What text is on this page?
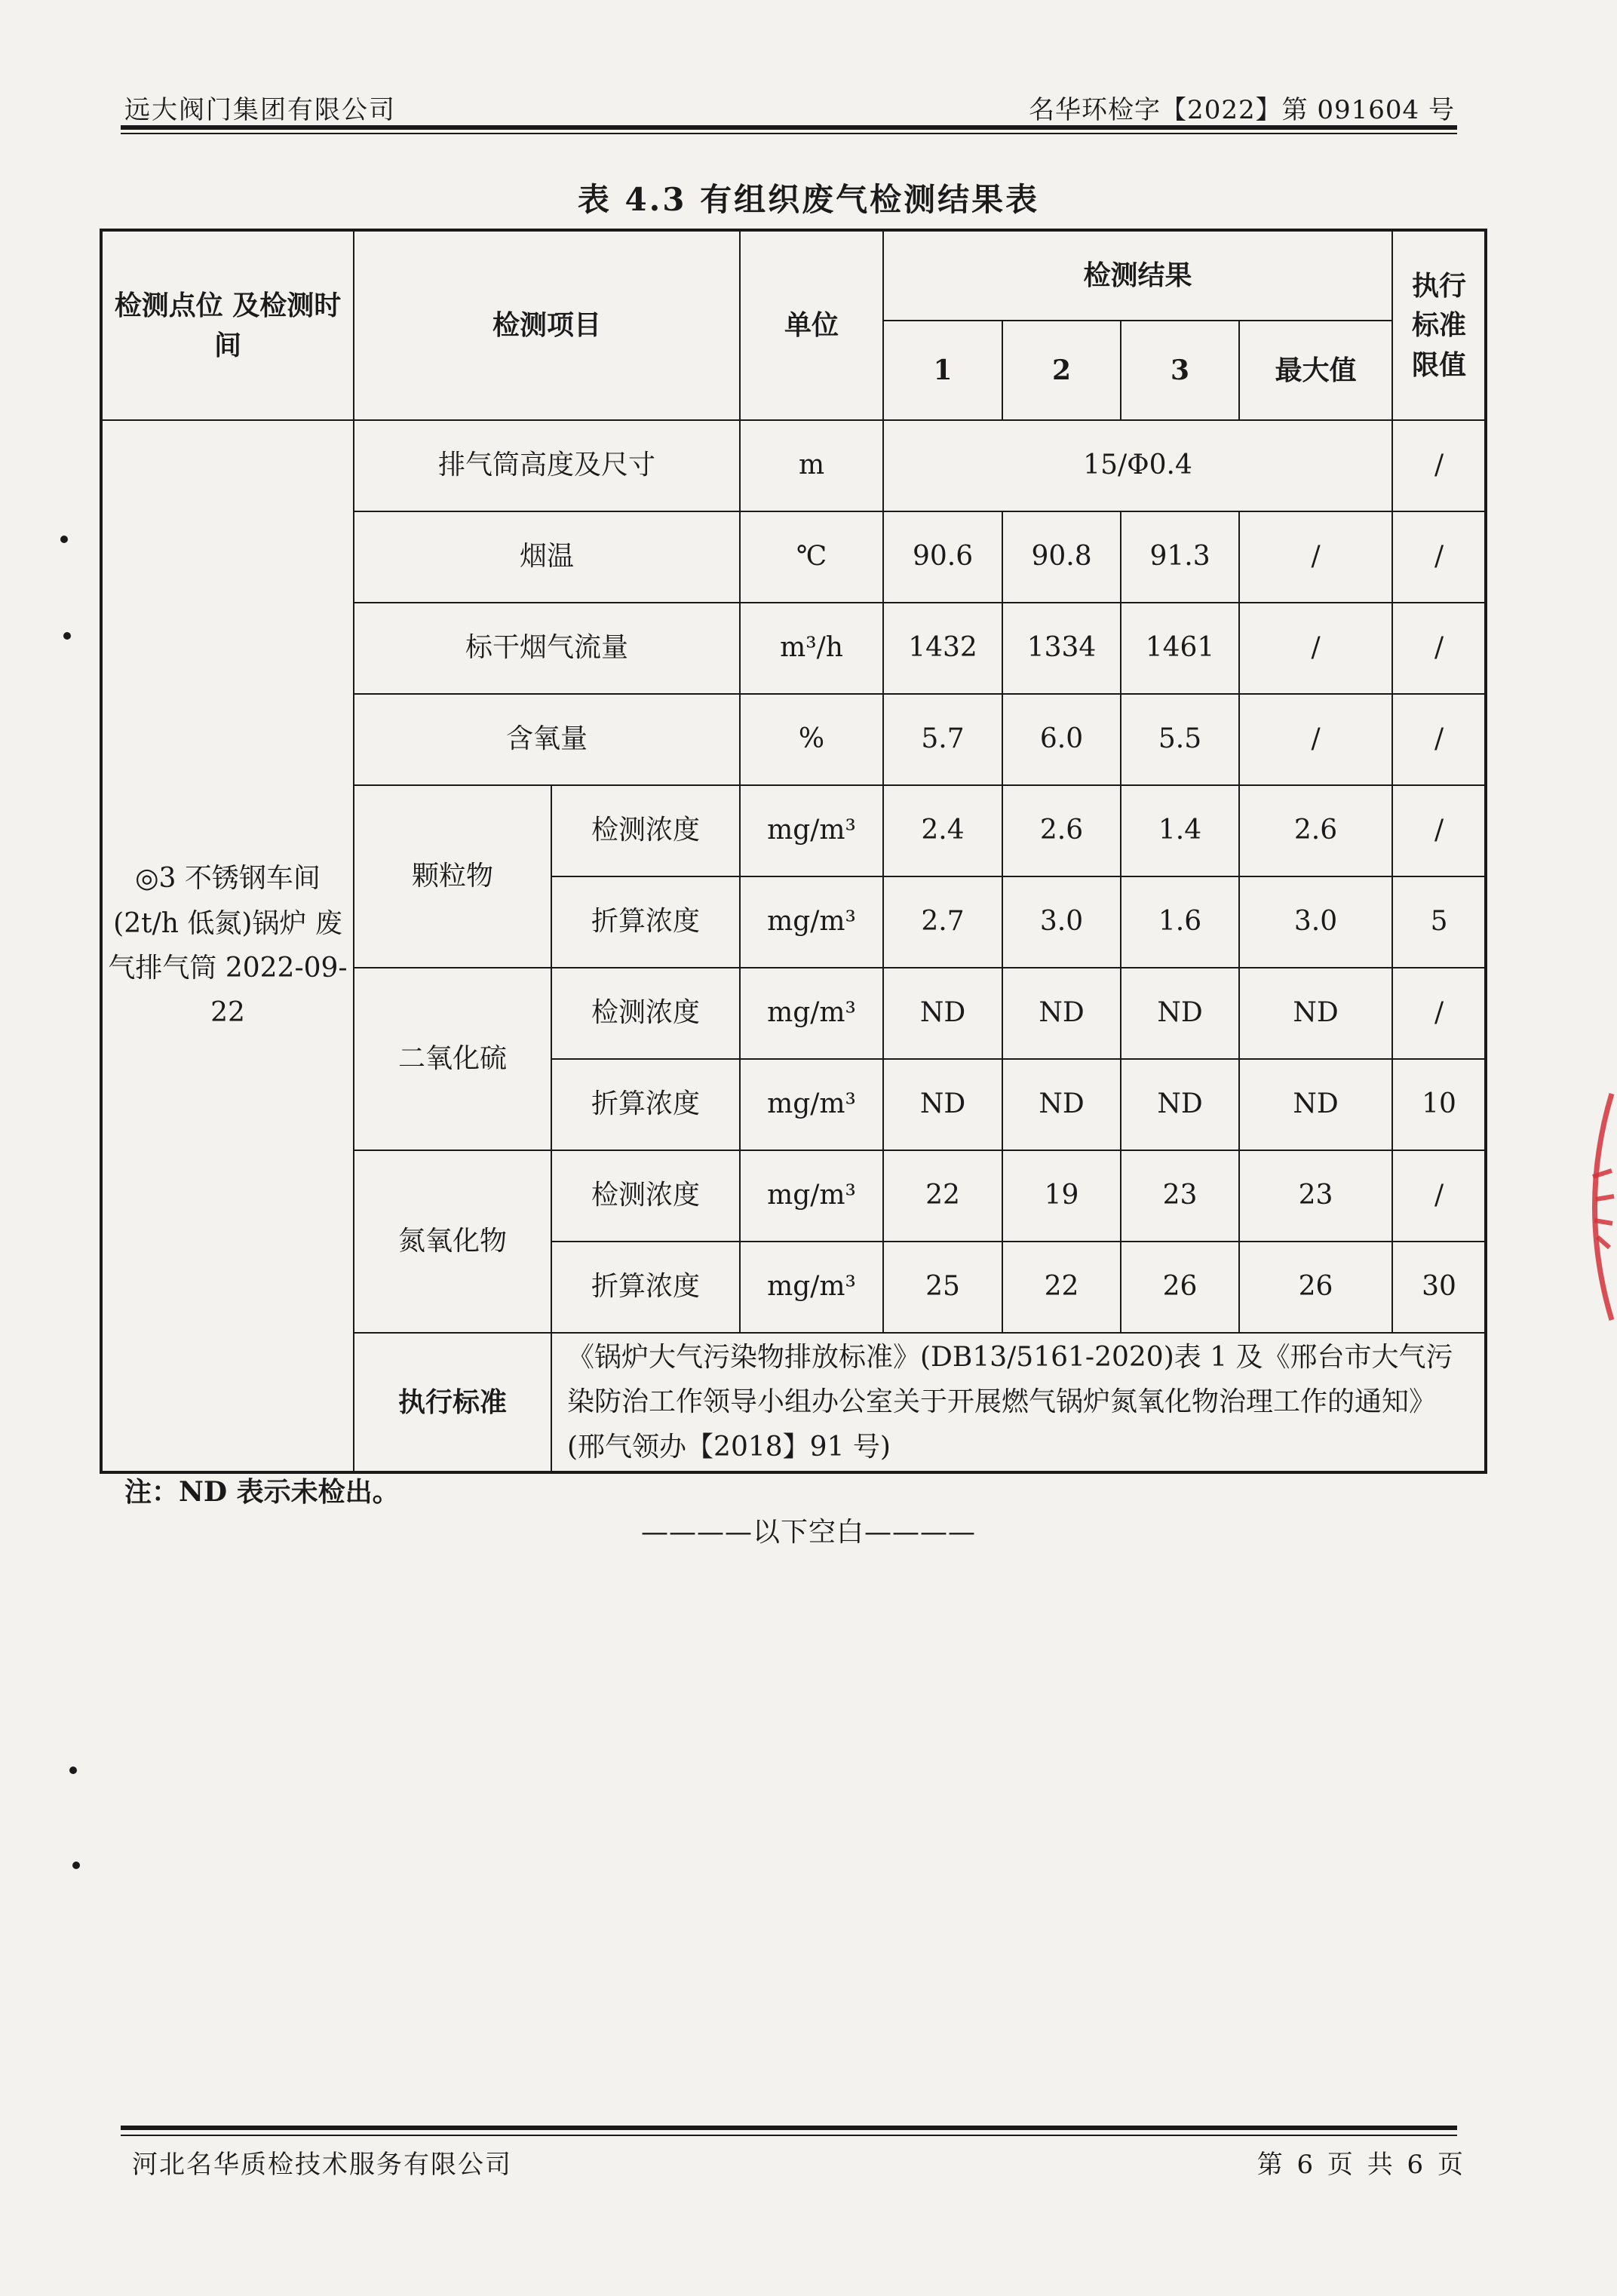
远大阀门集团有限公司	名华环检字【2022】第 091604 号
表 4.3 有组织废气检测结果表
检测点位 及检测时间	检测项目		单位	检测结果				执行 标准 限值
				1	2	3	最大值	
◎3 不锈钢车间 (2t/h 低氮)锅炉 废气排气筒 2022-09-22	排气筒高度及尺寸		m	15/Φ0.4				/
	烟温		℃	90.6	90.8	91.3	/	/
	标干烟气流量		m³/h	1432	1334	1461	/	/
	含氧量		%	5.7	6.0	5.5	/	/
	颗粒物	检测浓度	mg/m³	2.4	2.6	1.4	2.6	/
		折算浓度	mg/m³	2.7	3.0	1.6	3.0	5
	二氧化硫	检测浓度	mg/m³	ND	ND	ND	ND	/
		折算浓度	mg/m³	ND	ND	ND	ND	10
	氮氧化物	检测浓度	mg/m³	22	19	23	23	/
		折算浓度	mg/m³	25	22	26	26	30
	执行标准	《锅炉大气污染物排放标准》(DB13/5161-2020)表 1 及《邢台市大气污染防治工作领导小组办公室关于开展燃气锅炉氮氧化物治理工作的通知》(邢气领办【2018】91 号)						
注：ND 表示未检出。
————以下空白————
河北名华质检技术服务有限公司	第 6 页 共 6 页
